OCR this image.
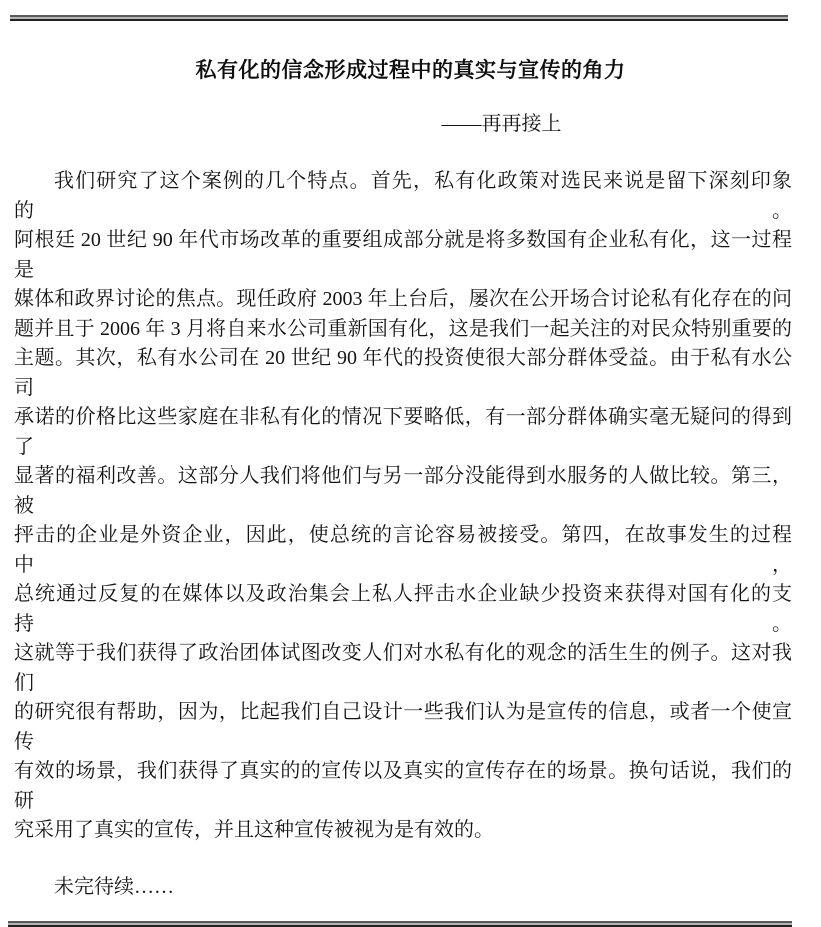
私有化的信念形成过程中的真实与宣传的角力
——再再接上
我们研究了这个案例的几个特点。首先，私有化政策对选民来说是留下深刻印象的。
阿根廷 20 世纪 90 年代市场改革的重要组成部分就是将多数国有企业私有化，这一过程是
媒体和政界讨论的焦点。现任政府 2003 年上台后，屡次在公开场合讨论私有化存在的问
题并且于 2006 年 3 月将自来水公司重新国有化，这是我们一起关注的对民众特别重要的
主题。其次，私有水公司在 20 世纪 90 年代的投资使很大部分群体受益。由于私有水公司
承诺的价格比这些家庭在非私有化的情况下要略低，有一部分群体确实毫无疑问的得到了
显著的福利改善。这部分人我们将他们与另一部分没能得到水服务的人做比较。第三，被
抨击的企业是外资企业，因此，使总统的言论容易被接受。第四，在故事发生的过程中，
总统通过反复的在媒体以及政治集会上私人抨击水企业缺少投资来获得对国有化的支持。
这就等于我们获得了政治团体试图改变人们对水私有化的观念的活生生的例子。这对我们
的研究很有帮助，因为，比起我们自己设计一些我们认为是宣传的信息，或者一个使宣传
有效的场景，我们获得了真实的的宣传以及真实的宣传存在的场景。换句话说，我们的研
究采用了真实的宣传，并且这种宣传被视为是有效的。
未完待续……
